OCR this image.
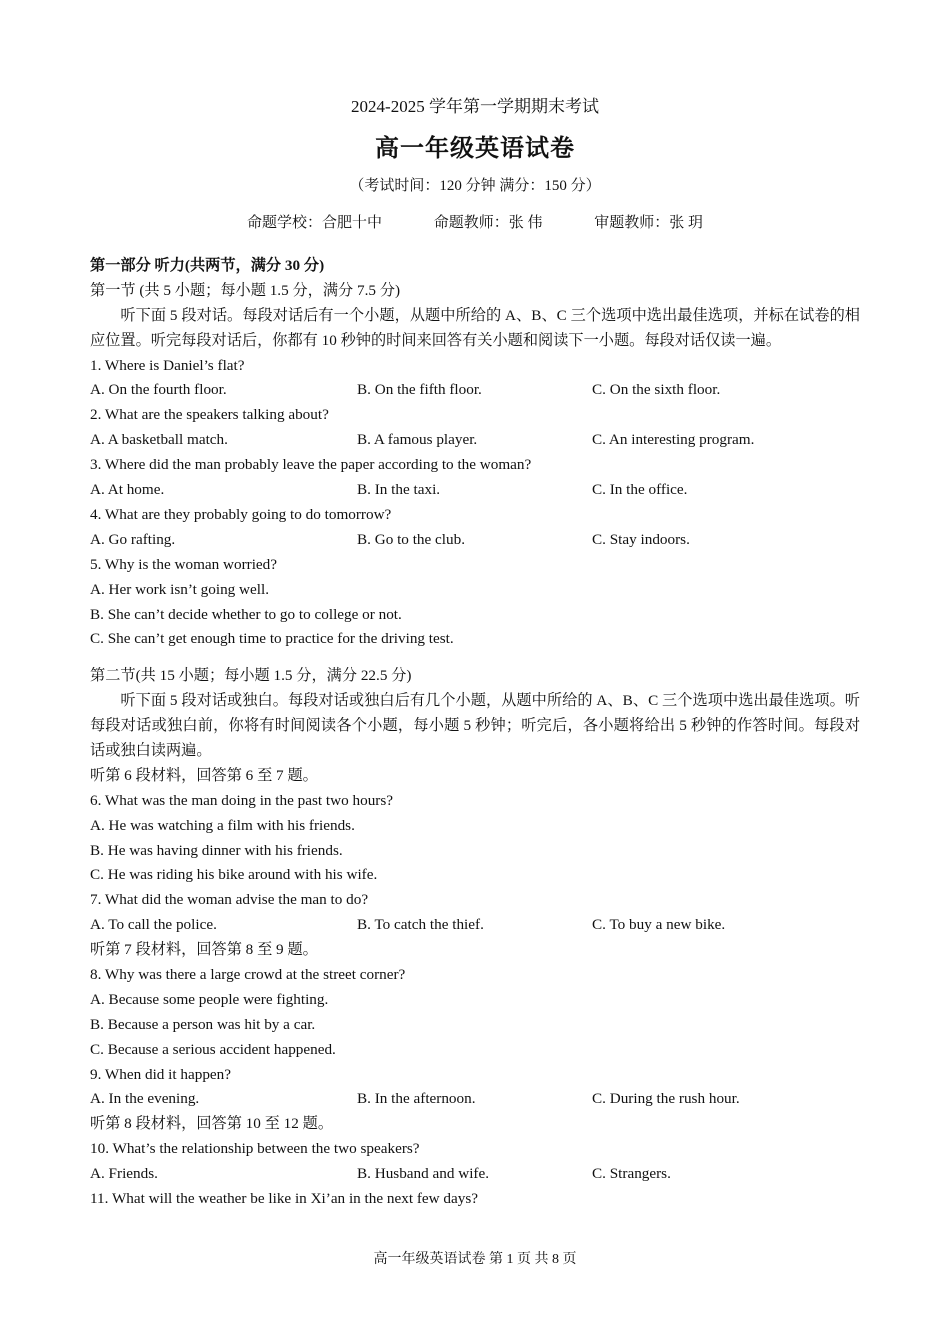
2024-2025 学年第一学期期末考试
高一年级英语试卷
（考试时间：120 分钟 满分：150 分）
命题学校：合肥十中	命题教师：张 伟	审题教师：张 玥
第一部分 听力(共两节，满分 30 分)
第一节 (共 5 小题；每小题 1.5 分，满分 7.5 分)
听下面 5 段对话。每段对话后有一个小题，从题中所给的 A、B、C 三个选项中选出最佳选项，并标在试卷的相应位置。听完每段对话后，你都有 10 秒钟的时间来回答有关小题和阅读下一小题。每段对话仅读一遍。
1. Where is Daniel’s flat?
A. On the fourth floor.	B. On the fifth floor.	C. On the sixth floor.
2. What are the speakers talking about?
A. A basketball match.	B. A famous player.	C. An interesting program.
3. Where did the man probably leave the paper according to the woman?
A. At home.	B. In the taxi.	C. In the office.
4. What are they probably going to do tomorrow?
A. Go rafting.	B. Go to the club.	C. Stay indoors.
5. Why is the woman worried?
A. Her work isn’t going well.
B. She can’t decide whether to go to college or not.
C. She can’t get enough time to practice for the driving test.
第二节(共 15 小题；每小题 1.5 分，满分 22.5 分)
听下面 5 段对话或独白。每段对话或独白后有几个小题，从题中所给的 A、B、C 三个选项中选出最佳选项。听每段对话或独白前，你将有时间阅读各个小题，每小题 5 秒钟；听完后，各小题将给出 5 秒钟的作答时间。每段对话或独白读两遍。
听第 6 段材料，回答第 6 至 7 题。
6. What was the man doing in the past two hours?
A. He was watching a film with his friends.
B. He was having dinner with his friends.
C. He was riding his bike around with his wife.
7. What did the woman advise the man to do?
A. To call the police.	B. To catch the thief.	C. To buy a new bike.
听第 7 段材料，回答第 8 至 9 题。
8. Why was there a large crowd at the street corner?
A. Because some people were fighting.
B. Because a person was hit by a car.
C. Because a serious accident happened.
9. When did it happen?
A. In the evening.	B. In the afternoon.	C. During the rush hour.
听第 8 段材料，回答第 10 至 12 题。
10. What’s the relationship between the two speakers?
A. Friends.	B. Husband and wife.	C. Strangers.
11. What will the weather be like in Xi’an in the next few days?
高一年级英语试卷 第 1 页 共 8 页
